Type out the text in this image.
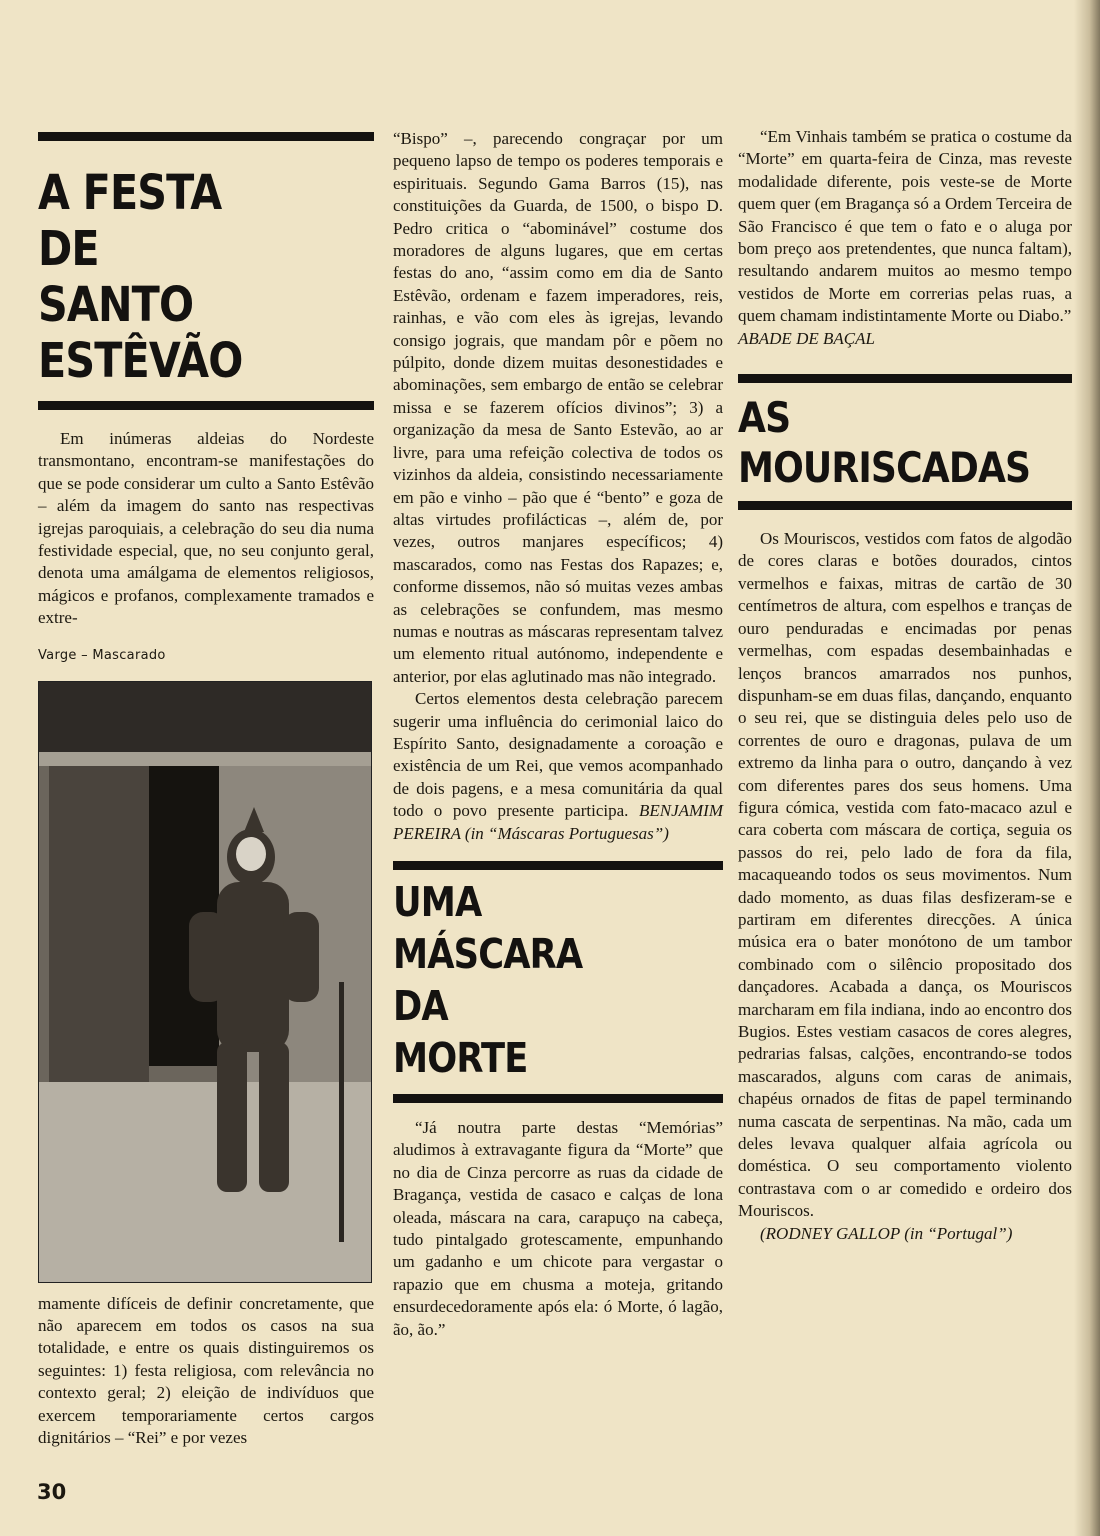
A FESTA
DE
SANTO
ESTÊVÃO

Em inúmeras aldeias do Nordeste transmontano, encontram-se manifestações do que se pode considerar um culto a Santo Estêvão – além da imagem do santo nas respectivas igrejas paroquiais, a celebração do seu dia numa festividade especial, que, no seu conjunto geral, denota uma amálgama de elementos religiosos, mágicos e profanos, complexamente tramados e extre-

Varge – Mascarado

mamente difíceis de definir concretamente, que não aparecem em todos os casos na sua totalidade, e entre os quais distinguiremos os seguintes: 1) festa religiosa, com relevância no contexto geral; 2) eleição de indivíduos que exercem temporariamente certos cargos dignitários – “Rei” e por vezes

“Bispo” –, parecendo congraçar por um pequeno lapso de tempo os poderes temporais e espirituais. Segundo Gama Barros (15), nas constituições da Guarda, de 1500, o bispo D. Pedro critica o “abominável” costume dos moradores de alguns lugares, que em certas festas do ano, “assim como em dia de Santo Estêvão, ordenam e fazem imperadores, reis, rainhas, e vão com eles às igrejas, levando consigo jograis, que mandam pôr e põem no púlpito, donde dizem muitas desonestidades e abominações, sem embargo de então se celebrar missa e se fazerem ofícios divinos”; 3) a organização da mesa de Santo Estevão, ao ar livre, para uma refeição colectiva de todos os vizinhos da aldeia, consistindo necessariamente em pão e vinho – pão que é “bento” e goza de altas virtudes profilácticas –, além de, por vezes, outros manjares específicos; 4) mascarados, como nas Festas dos Rapazes; e, conforme dissemos, não só muitas vezes ambas as celebrações se confundem, mas mesmo numas e noutras as máscaras representam talvez um elemento ritual autónomo, independente e anterior, por elas aglutinado mas não integrado.

Certos elementos desta celebração parecem sugerir uma influência do cerimonial laico do Espírito Santo, designadamente a coroação e existência de um Rei, que vemos acompanhado de dois pagens, e a mesa comunitária da qual todo o povo presente participa. BENJAMIM PEREIRA (in “Máscaras Portuguesas”)

UMA MÁSCARA
DA
MORTE

“Já noutra parte destas “Memórias” aludimos à extravagante figura da “Morte” que no dia de Cinza percorre as ruas da cidade de Bragança, vestida de casaco e calças de lona oleada, máscara na cara, carapuço na cabeça, tudo pintalgado grotescamente, empunhando um gadanho e um chicote para vergastar o rapazio que em chusma a moteja, gritando ensurdecedoramente após ela: ó Morte, ó lagão, ão, ão.”

“Em Vinhais também se pratica o costume da “Morte” em quarta-feira de Cinza, mas reveste modalidade diferente, pois veste-se de Morte quem quer (em Bragança só a Ordem Terceira de São Francisco é que tem o fato e o aluga por bom preço aos pretendentes, que nunca faltam), resultando andarem muitos ao mesmo tempo vestidos de Morte em correrias pelas ruas, a quem chamam indistintamente Morte ou Diabo.”

ABADE DE BAÇAL

AS
MOURISCADAS

Os Mouriscos, vestidos com fatos de algodão de cores claras e botões dourados, cintos vermelhos e faixas, mitras de cartão de 30 centímetros de altura, com espelhos e tranças de ouro penduradas e encimadas por penas vermelhas, com espadas desembainhadas e lenços brancos amarrados nos punhos, dispunham-se em duas filas, dançando, enquanto o seu rei, que se distinguia deles pelo uso de correntes de ouro e dragonas, pulava de um extremo da linha para o outro, dançando à vez com diferentes pares dos seus homens. Uma figura cómica, vestida com fato-macaco azul e cara coberta com máscara de cortiça, seguia os passos do rei, pelo lado de fora da fila, macaqueando todos os seus movimentos. Num dado momento, as duas filas desfizeram-se e partiram em diferentes direcções. A única música era o bater monótono de um tambor combinado com o silêncio propositado dos dançadores. Acabada a dança, os Mouriscos marcharam em fila indiana, indo ao encontro dos Bugios. Estes vestiam casacos de cores alegres, pedrarias falsas, calções, encontrando-se todos mascarados, alguns com caras de animais, chapéus ornados de fitas de papel terminando numa cascata de serpentinas. Na mão, cada um deles levava qualquer alfaia agrícola ou doméstica. O seu comportamento violento contrastava com o ar comedido e ordeiro dos Mouriscos.

(RODNEY GALLOP (in “Portugal”)

30
